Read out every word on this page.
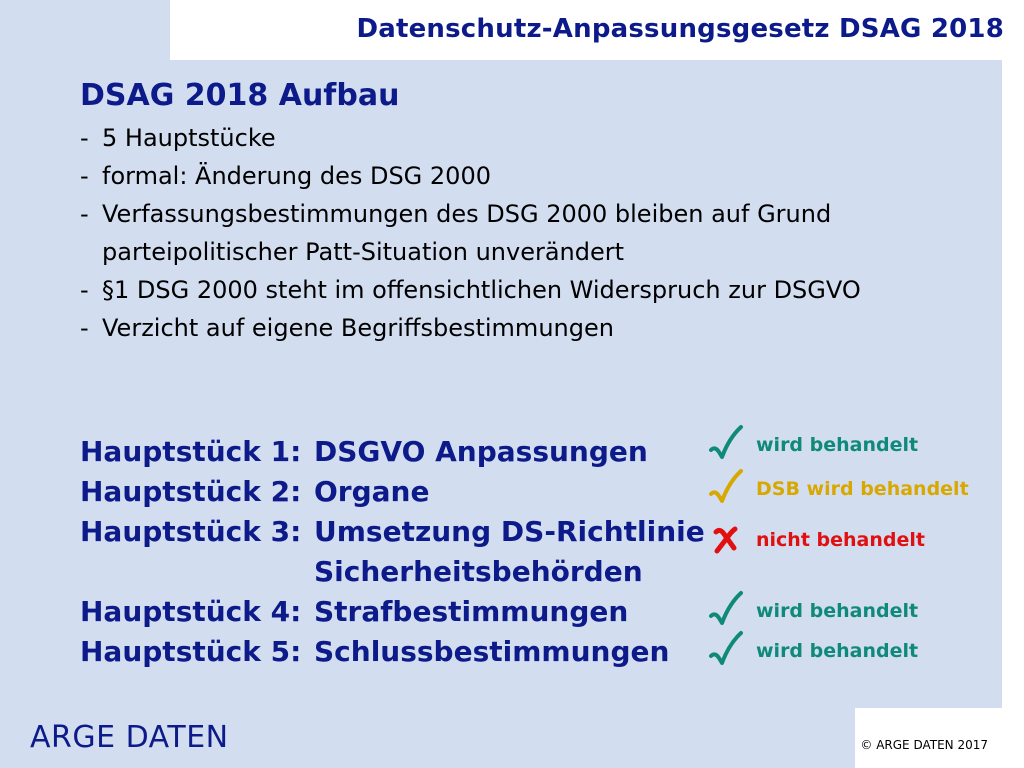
Datenschutz-Anpassungsgesetz DSAG 2018
DSAG 2018 Aufbau
- 5 Hauptstücke
- formal: Änderung des DSG 2000
- Verfassungsbestimmungen des DSG 2000 bleiben auf Grund parteipolitischer Patt-Situation unverändert
- §1 DSG 2000 steht im offensichtlichen Widerspruch zur DSGVO
- Verzicht auf eigene Begriffsbestimmungen
Hauptstück 1: DSGVO Anpassungen
Hauptstück 2: Organe
Hauptstück 3: Umsetzung DS-Richtlinie
Sicherheitsbehörden
Hauptstück 4: Strafbestimmungen
Hauptstück 5: Schlussbestimmungen
wird behandelt
DSB wird behandelt
nicht behandelt
wird behandelt
wird behandelt
ARGE DATEN	© ARGE DATEN 2017
